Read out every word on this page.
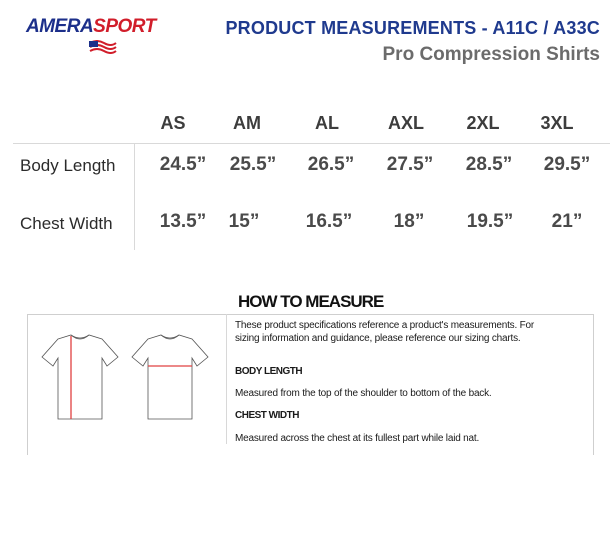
AMERASPORT	PRODUCT MEASUREMENTS - A11C / A33C
Pro Compression Shirts
AS	AM	AL	AXL 2XL 3XL
Body Length 24.5” 25.5” 26.5” 27.5” 28.5” 29.5”
Chest Width 13.5” 15” 16.5” 18” 19.5” 21”
HOW TO MEASURE
These product specifications reference a product's measurements. For sizing information and guidance, please reference our sizing charts.
BODY LENGTH
Measured from the top of the shoulder to bottom of the back.
CHEST WIDTH
Measured across the chest at its fullest part while laid nat.
